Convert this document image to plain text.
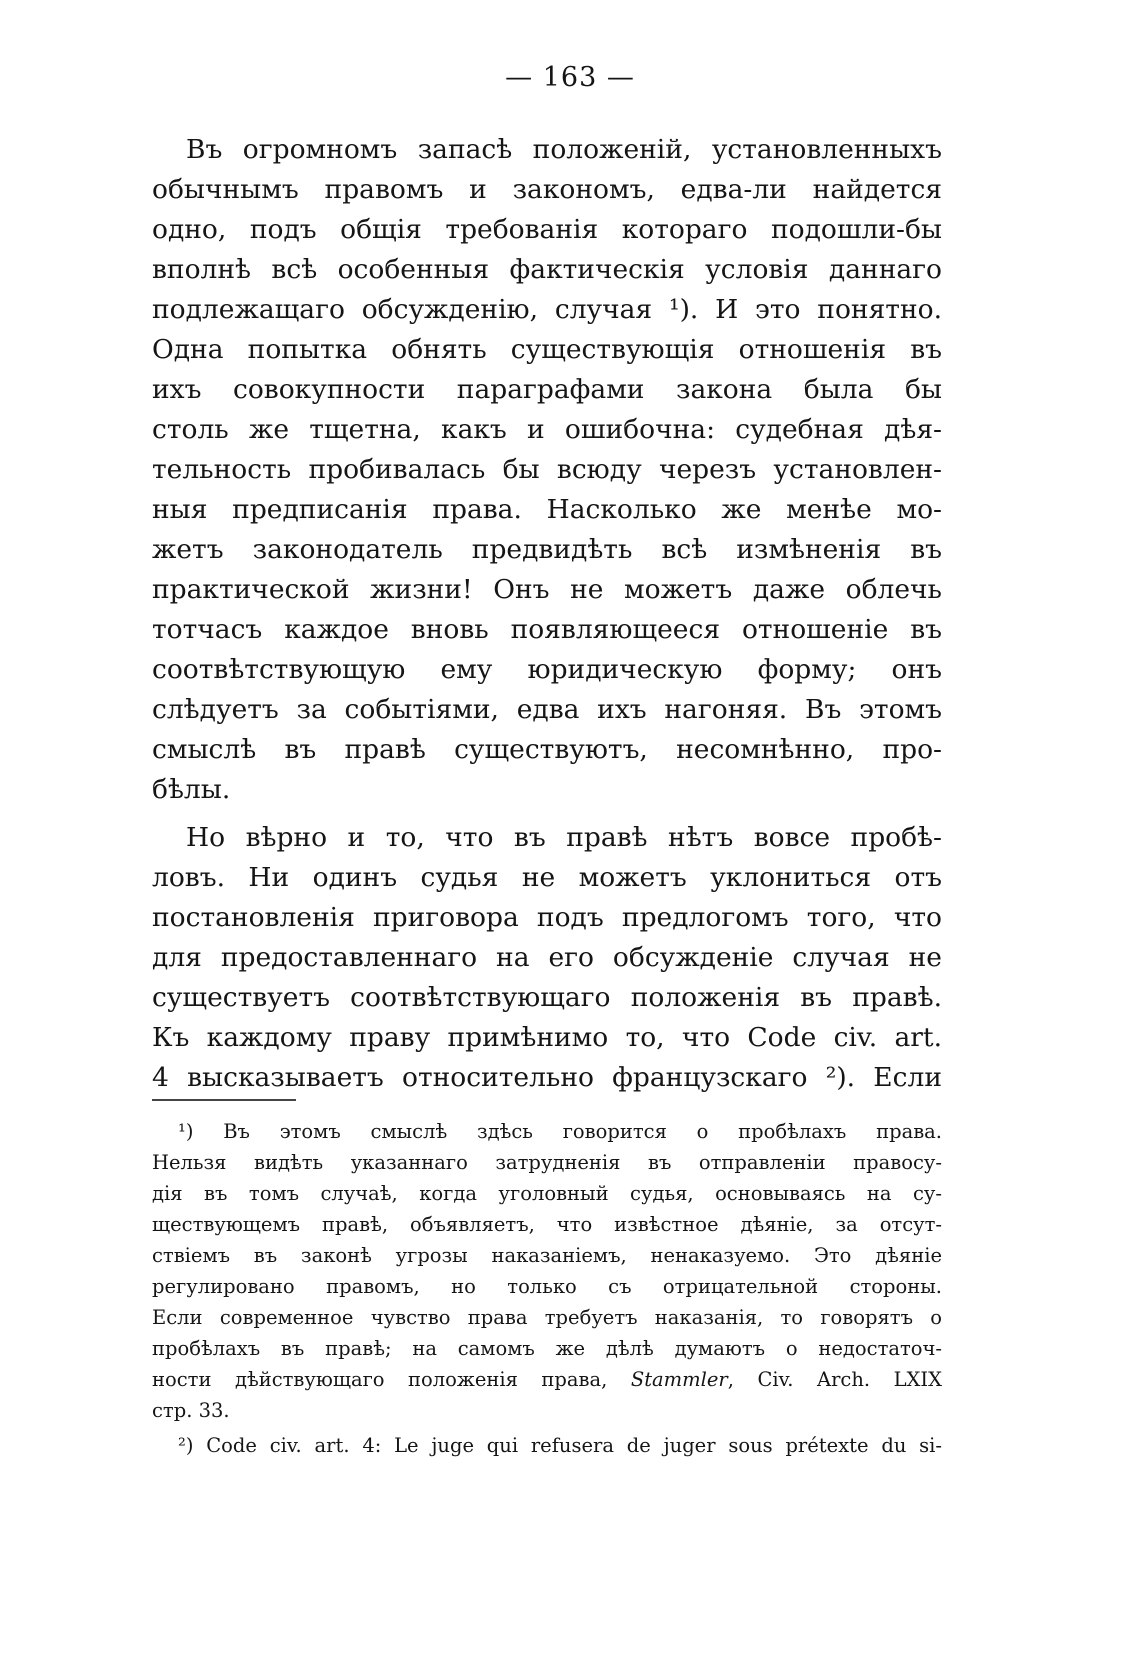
— 163 —
Въ огромномъ запасѣ положеній, установленныхъ
обычнымъ правомъ и закономъ, едва-ли найдется
одно, подъ общія требованія котораго подошли-бы
вполнѣ всѣ особенныя фактическія условія даннаго
подлежащаго обсужденію, случая ¹). И это понятно.
Одна попытка обнять существующія отношенія въ
ихъ совокупности параграфами закона была бы
столь же тщетна, какъ и ошибочна: судебная дѣя-
тельность пробивалась бы всюду черезъ установлен-
ныя предписанія права. Насколько же менѣе мо-
жетъ законодатель предвидѣть всѣ измѣненія въ
практической жизни! Онъ не можетъ даже облечь
тотчасъ каждое вновь появляющееся отношеніе въ
соотвѣтствующую ему юридическую форму; онъ
слѣдуетъ за событіями, едва ихъ нагоняя. Въ этомъ
смыслѣ въ правѣ существуютъ, несомнѣнно, про-
бѣлы.
Но вѣрно и то, что въ правѣ нѣтъ вовсе пробѣ-
ловъ. Ни одинъ судья не можетъ уклониться отъ
постановленія приговора подъ предлогомъ того, что
для предоставленнаго на его обсужденіе случая не
существуетъ соотвѣтствующаго положенія въ правѣ.
Къ каждому праву примѣнимо то, что Code civ. art.
4 высказываетъ относительно французскаго ²). Если
¹) Въ этомъ смыслѣ здѣсь говорится о пробѣлахъ права.
Нельзя видѣть указаннаго затрудненія въ отправленіи правосу-
дія въ томъ случаѣ, когда уголовный судья, основываясь на су-
ществующемъ правѣ, объявляетъ, что извѣстное дѣяніе, за отсут-
ствіемъ въ законѣ угрозы наказаніемъ, ненаказуемо. Это дѣяніе
регулировано правомъ, но только съ отрицательной стороны.
Если современное чувство права требуетъ наказанія, то говорятъ о
пробѣлахъ въ правѣ; на самомъ же дѣлѣ думаютъ о недостаточ-
ности дѣйствующаго положенія права, Stammler, Civ. Arch. LXIX
стр. 33.
²) Code civ. art. 4: Le juge qui refusera de juger sous prétexte du si-
